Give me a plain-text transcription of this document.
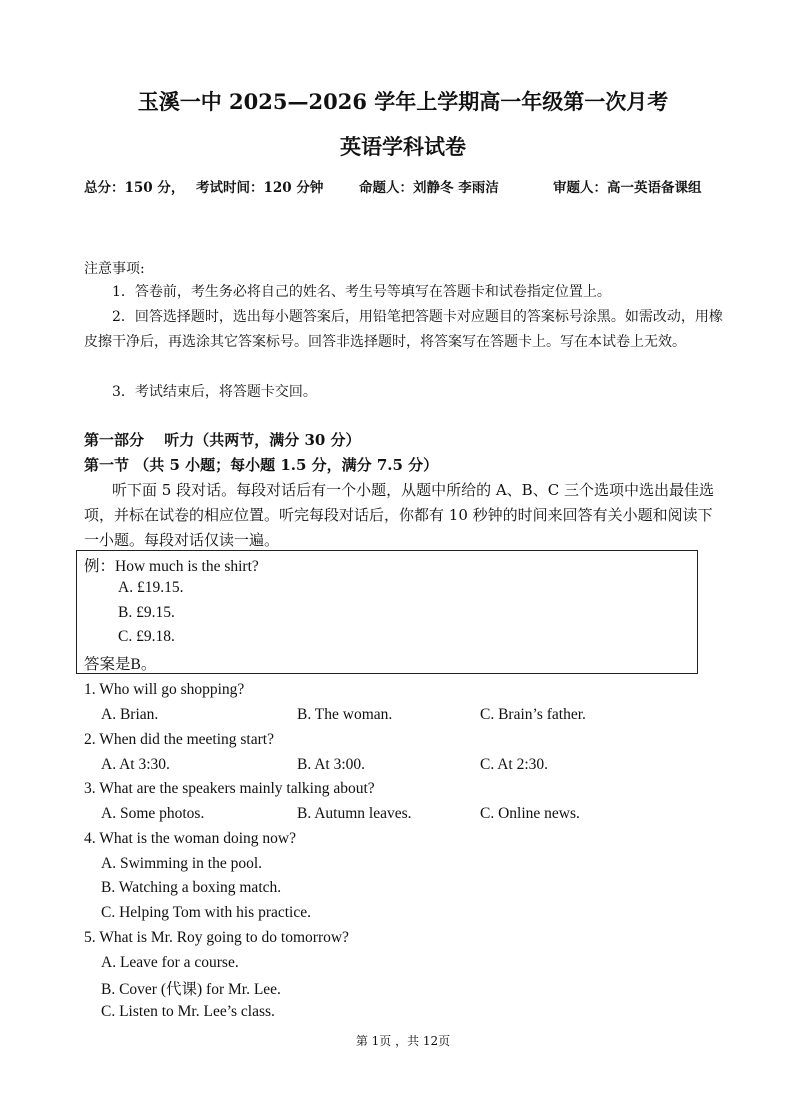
玉溪一中 2025—2026 学年上学期高一年级第一次月考
英语学科试卷
总分：150 分， 考试时间：120 分钟	命题人：刘静冬 李雨洁	审题人：高一英语备课组
注意事项:
1．答卷前，考生务必将自己的姓名、考生号等填写在答题卡和试卷指定位置上。
2．回答选择题时，选出每小题答案后，用铅笔把答题卡对应题目的答案标号涂黑。如需改动，用橡皮擦干净后，再选涂其它答案标号。回答非选择题时，将答案写在答题卡上。写在本试卷上无效。
3．考试结束后，将答题卡交回。
第一部分　 听力（共两节，满分 30 分）
第一节 （共 5 小题；每小题 1.5 分，满分 7.5 分）
听下面 5 段对话。每段对话后有一个小题，从题中所给的 A、B、C 三个选项中选出最佳选项，并标在试卷的相应位置。听完每段对话后，你都有 10 秒钟的时间来回答有关小题和阅读下一小题。每段对话仅读一遍。
例：How much is the shirt?
A. £19.15.
B. £9.15.
C. £9.18.
答案是B。
1. Who will go shopping?
A. Brian.	B. The woman.	C. Brain’s father.
2. When did the meeting start?
A. At 3:30.	B. At 3:00.	C. At 2:30.
3. What are the speakers mainly talking about?
A. Some photos.	B. Autumn leaves.	C. Online news.
4. What is the woman doing now?
A. Swimming in the pool.
B. Watching a boxing match.
C. Helping Tom with his practice.
5. What is Mr. Roy going to do tomorrow?
A. Leave for a course.
B. Cover (代课) for Mr. Lee.
C. Listen to Mr. Lee’s class.
第 1页 ，共 12页
